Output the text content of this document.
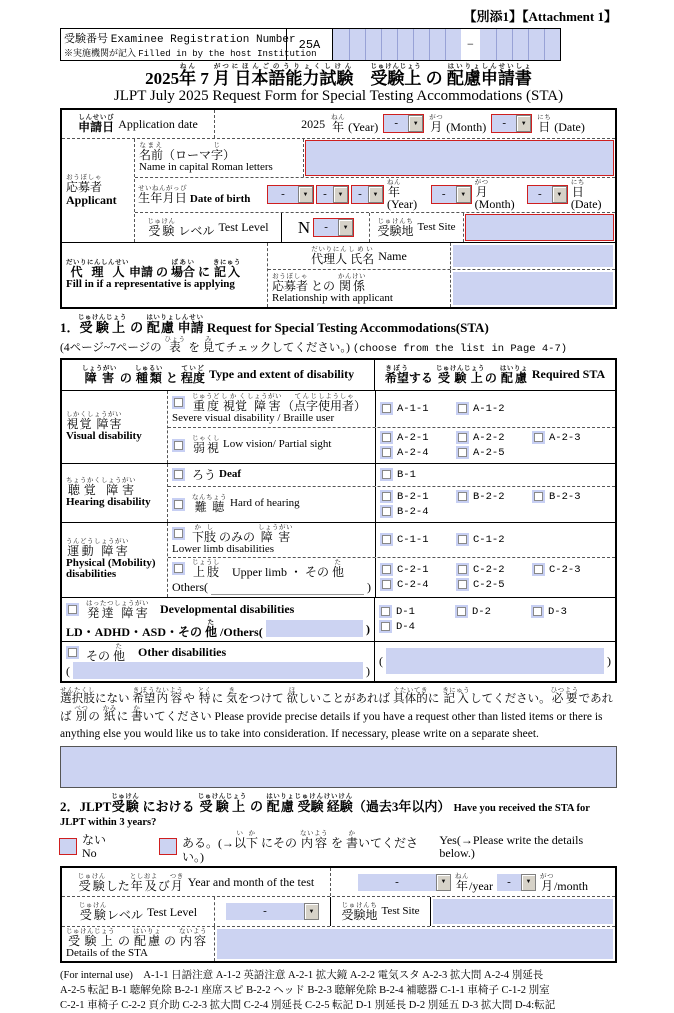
【別添1】【Attachment 1】
受験番号 Examinee Registration Number
※実施機関が記入 Filled in by the host Institution
25A	−
2025年ねん 7 月がつ 日本語能力試験にほんごのうりょくしけん　受験上じゅけんじょう の 配慮申請書はいりょしんせいしょ
JLPT July 2025 Request Form for Special Testing Accommodations (STA)
申請日しんせいび Application date	2025 年ねん (Year)	- ▼	月がつ (Month)	- ▼	日にち (Date)
応募者おうぼしゃ
Applicant
名前なまえ（ローマ字じ）
Name in capital Roman letters
生年月日せいねんがっぴ Date of birth	- ▼	- ▼	- ▼	年ねん (Year)
- ▼	月がつ (Month)
- ▼	日にち (Date)
受験じゅけん レベル Test Level N	- ▼	受験地じゅけんち Test Site
代理人だいりにんしんせい申請 の 場合ばあい に 記入きにゅう
Fill in if a representative is applying
代理人だいりにん 氏名しめい Name
応募者おうぼしゃ との 関係かんけい
Relationship with applicant
1．受験上じゅけんじょう の 配慮はいりょ 申請しんせい Request for Special Testing Accommodations(STA)
(4ページ~7ページの 表ひょう を 見みてチェックしてください。) (choose from the list in Page 4-7)
障害しょうがい の 種類しゅるい と 程度ていど Type and extent of disability	希望きぼうする 受験上じゅけんじょうの 配慮はいりょ Required STA
視覚 障害しかくしょうがい
Visual disability
重度じゅうど 視覚しかく 障害しょうがい（点字てんじ使用者しようしゃ）
Severe visual disability / Braille user
A-1-1	A-1-2
弱視じゃくし Low vision/ Partial sight
A-2-1	A-2-2	A-2-3
A-2-4	A-2-5
聴覚 障害ちょうかくしょうがい
Hearing disability
ろう Deaf	B-1
難聴なんちょう Hard of hearing
B-2-1	B-2-2	B-2-3
B-2-4
運動 障害うんどうしょうがい
Physical (Mobility) disabilities
下肢かし のみの 障害しょうがい
Lower limb disabilities
C-1-1	C-1-2
上肢じょうし　Upper limb ・ その 他た
Others(	)
C-2-1	C-2-2	C-2-3
C-2-4	C-2-5
発達 障害はったつしょうがい Developmental disabilities
LD・ADHD・ASD・その 他た /Others(	)
D-1	D-2	D-3
D-4
その 他た Other disabilities
(	)
(	)
選択肢せんたくしにない 希望きぼう内容ないようや 特とくに 気きをつけて 欲ほしいことがあれば 具体的ぐたいてきに 記入きにゅうしてください。必要ひつようであれば 別べつの 紙かみに 書かいてください Please provide precise details if you have a request other than listed items or there is anything else you would like us to take into consideration. If necessary, please write on a separate sheet.
2．JLPT受験じゅけん における 受験上じゅけんじょう の 配慮はいりょ 受験じゅけん 経験けいけん（過去3年以内） Have you received the STA for JLPT within 3 years?
ない No
ある。(→以下いか にその 内容ないよう を 書かいてください。)
Yes(→Please write the details below.)
受験じゅけんした年及としおよび月つき Year and month of the test	- ▼	年ねん/year	- ▼	月がつ/month
受験じゅけんレベル Test Level	- ▼	受験地じゅけんち Test Site
受験上じゅけんじょう の 配慮はいりょ の 内容ないよう
Details of the STA
(For internal use)　A-1-1 日語注意 A-1-2 英語注意 A-2-1 拡大鏡 A-2-2 電気スタ A-2-3 拡大問 A-2-4 別延長
A-2-5 転記 B-1 聴解免除 B-2-1 座席スピ B-2-2 ヘッド B-2-3 聴解免除 B-2-4 補聴器 C-1-1 車椅子 C-1-2 別室
C-2-1 車椅子 C-2-2 頁介助 C-2-3 拡大問 C-2-4 別延長 C-2-5 転記 D-1 別延長 D-2 別延五 D-3 拡大問 D-4:転記
